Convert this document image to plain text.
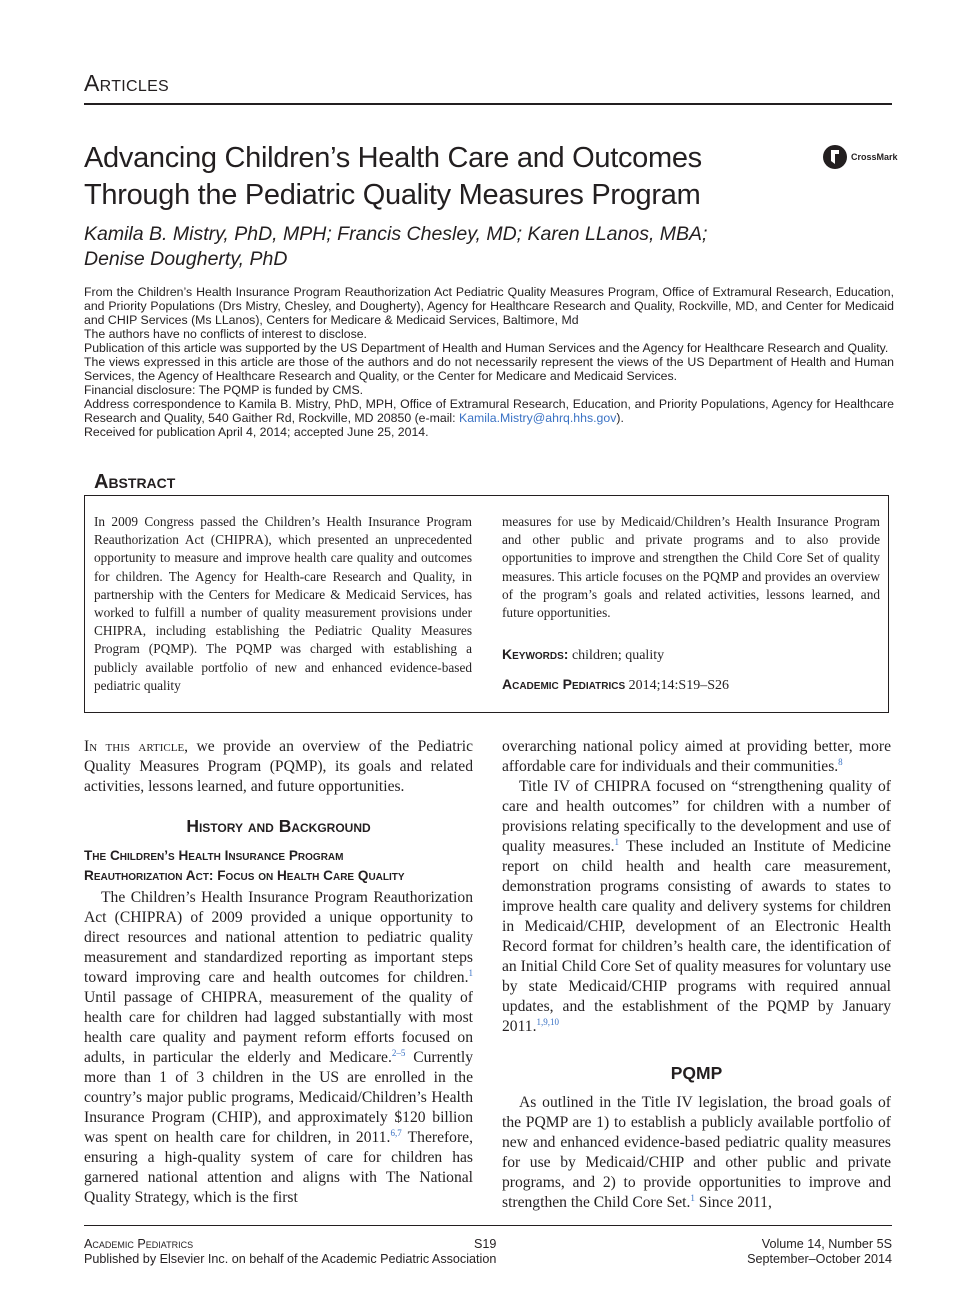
Articles
Advancing Children’s Health Care and Outcomes
Through the Pediatric Quality Measures Program
CrossMark
Kamila B. Mistry, PhD, MPH; Francis Chesley, MD; Karen LLanos, MBA;
Denise Dougherty, PhD

From the Children’s Health Insurance Program Reauthorization Act Pediatric Quality Measures Program, Office of Extramural Research, Education, and Priority Populations (Drs Mistry, Chesley, and Dougherty), Agency for Healthcare Research and Quality, Rockville, MD, and Center for Medicaid and CHIP Services (Ms LLanos), Centers for Medicare & Medicaid Services, Baltimore, Md

The authors have no conflicts of interest to disclose.

Publication of this article was supported by the US Department of Health and Human Services and the Agency for Healthcare Research and Quality.

The views expressed in this article are those of the authors and do not necessarily represent the views of the US Department of Health and Human Services, the Agency of Healthcare Research and Quality, or the Center for Medicare and Medicaid Services.

Financial disclosure: The PQMP is funded by CMS.

Address correspondence to Kamila B. Mistry, PhD, MPH, Office of Extramural Research, Education, and Priority Populations, Agency for Healthcare Research and Quality, 540 Gaither Rd, Rockville, MD 20850 (e-mail: Kamila.Mistry@ahrq.hhs.gov).

Received for publication April 4, 2014; accepted June 25, 2014.

Abstract
In 2009 Congress passed the Children’s Health Insurance Program Reauthorization Act (CHIPRA), which presented an unprecedented opportunity to measure and improve health care quality and outcomes for children. The Agency for Health-care Research and Quality, in partnership with the Centers for Medicare & Medicaid Services, has worked to fulfill a number of quality measurement provisions under CHIPRA, including establishing the Pediatric Quality Measures Program (PQMP). The PQMP was charged with establishing a publicly available portfolio of new and enhanced evidence-based pediatric quality
measures for use by Medicaid/Children’s Health Insurance Program and other public and private programs and to also provide opportunities to improve and strengthen the Child Core Set of quality measures. This article focuses on the PQMP and provides an overview of the program’s goals and related activities, lessons learned, and future opportunities.
Keywords: children; quality
Academic Pediatrics 2014;14:S19–S26

In this article, we provide an overview of the Pediatric Quality Measures Program (PQMP), its goals and related activities, lessons learned, and future opportunities.

History and Background
The Children’s Health Insurance Program
Reauthorization Act: Focus on Health Care Quality

The Children’s Health Insurance Program Reauthorization Act (CHIPRA) of 2009 provided a unique opportunity to direct resources and national attention to pediatric quality measurement and standardized reporting as important steps toward improving care and health outcomes for children.$^1$ Until passage of CHIPRA, measurement of the quality of health care for children had lagged substantially with most health care quality and payment reform efforts focused on adults, in particular the elderly and Medicare.$^{2-5}$ Currently more than 1 of 3 children in the US are enrolled in the country’s major public programs, Medicaid/Children’s Health Insurance Program (CHIP), and approximately $120 billion was spent on health care for children, in 2011.$^{6,7}$ Therefore, ensuring a high-quality system of care for children has garnered national attention and aligns with The National Quality Strategy, which is the first

overarching national policy aimed at providing better, more affordable care for individuals and their communities.$^8$

Title IV of CHIPRA focused on “strengthening quality of care and health outcomes” for children with a number of provisions relating specifically to the development and use of quality measures.$^1$ These included an Institute of Medicine report on child health and health care measurement, demonstration programs consisting of awards to states to improve health care quality and delivery systems for children in Medicaid/CHIP, development of an Electronic Health Record format for children’s health care, the identification of an Initial Child Core Set of quality measures for voluntary use by state Medicaid/CHIP programs with required annual updates, and the establishment of the PQMP by January 2011.$^{1,9,10}$

PQMP

As outlined in the Title IV legislation, the broad goals of the PQMP are 1) to establish a publicly available portfolio of new and enhanced evidence-based pediatric quality measures for use by Medicaid/CHIP and other public and private programs, and 2) to provide opportunities to improve and strengthen the Child Core Set.$^1$ Since 2011,

Academic Pediatrics
Published by Elsevier Inc. on behalf of the Academic Pediatric Association
S19	Volume 14, Number 5S
September–October 2014
